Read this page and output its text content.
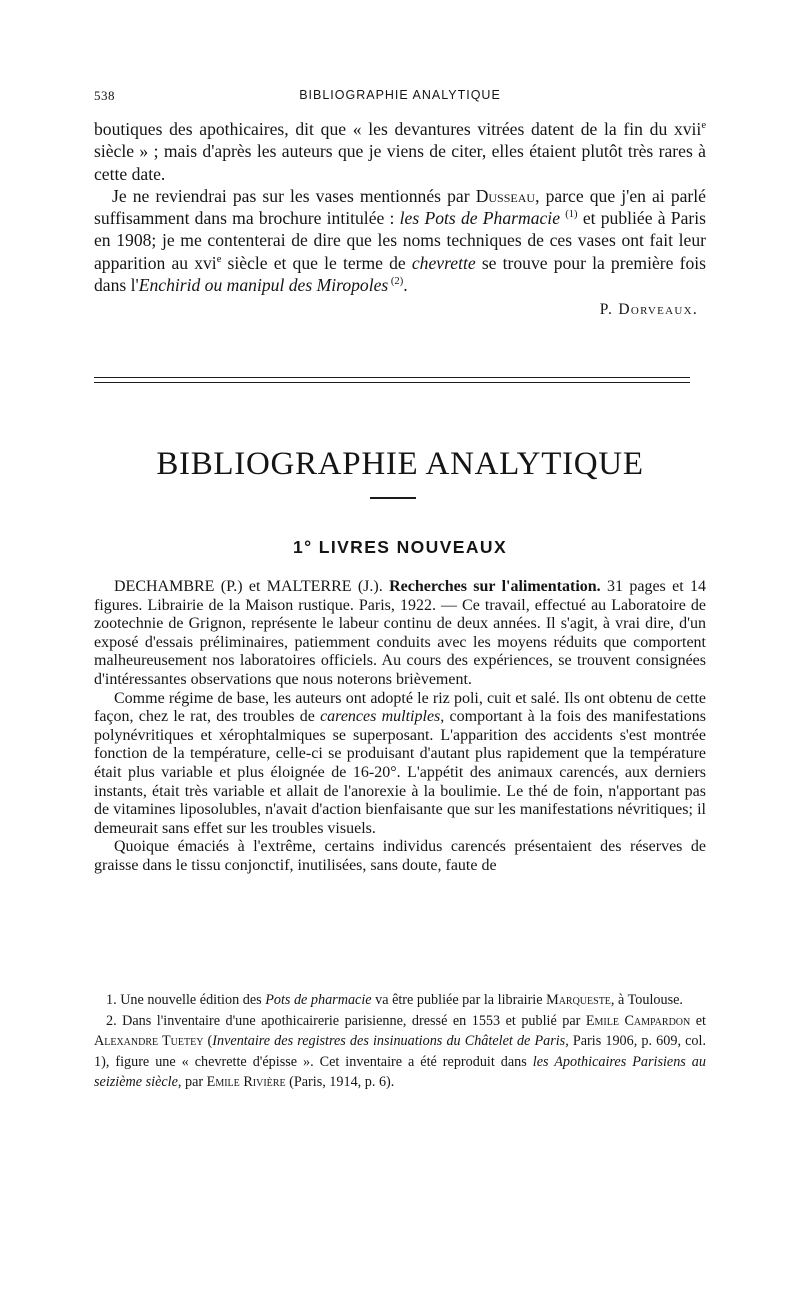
538	BIBLIOGRAPHIE ANALYTIQUE

boutiques des apothicaires, dit que « les devantures vitrées datent de la fin du xvii$^e$ siècle » ; mais d'après les auteurs que je viens de citer, elles étaient plutôt très rares à cette date.

Je ne reviendrai pas sur les vases mentionnés par Dusseau, parce que j'en ai parlé suffisamment dans ma brochure intitulée : les Pots de Pharmacie $^{(1)}$ et publiée à Paris en 1908; je me contenterai de dire que les noms techniques de ces vases ont fait leur apparition au xvi$^e$ siècle et que le terme de chevrette se trouve pour la première fois dans l'Enchirid ou manipul des Miropoles $^{(2)}$.

P. Dorveaux.

BIBLIOGRAPHIE ANALYTIQUE
1° LIVRES NOUVEAUX

DECHAMBRE (P.) et MALTERRE (J.). Recherches sur l'alimentation. 31 pages et 14 figures. Librairie de la Maison rustique. Paris, 1922. — Ce travail, effectué au Laboratoire de zootechnie de Grignon, représente le labeur continu de deux années. Il s'agit, à vrai dire, d'un exposé d'essais préliminaires, patiemment conduits avec les moyens réduits que comportent malheureusement nos laboratoires officiels. Au cours des expériences, se trouvent consignées d'intéressantes observations que nous noterons brièvement.

Comme régime de base, les auteurs ont adopté le riz poli, cuit et salé. Ils ont obtenu de cette façon, chez le rat, des troubles de carences multiples, comportant à la fois des manifestations polynévritiques et xérophtalmiques se superposant. L'apparition des accidents s'est montrée fonction de la température, celle-ci se produisant d'autant plus rapidement que la température était plus variable et plus éloignée de 16-20°. L'appétit des animaux carencés, aux derniers instants, était très variable et allait de l'anorexie à la boulimie. Le thé de foin, n'apportant pas de vitamines liposolubles, n'avait d'action bienfaisante que sur les manifestations névritiques; il demeurait sans effet sur les troubles visuels.

Quoique émaciés à l'extrême, certains individus carencés présentaient des réserves de graisse dans le tissu conjonctif, inutilisées, sans doute, faute de

1. Une nouvelle édition des Pots de pharmacie va être publiée par la librairie Marqueste, à Toulouse.

2. Dans l'inventaire d'une apothicairerie parisienne, dressé en 1553 et publié par Emile Campardon et Alexandre Tuetey (Inventaire des registres des insinuations du Châtelet de Paris, Paris 1906, p. 609, col. 1), figure une « chevrette d'épisse ». Cet inventaire a été reproduit dans les Apothicaires Parisiens au seizième siècle, par Emile Rivière (Paris, 1914, p. 6).
